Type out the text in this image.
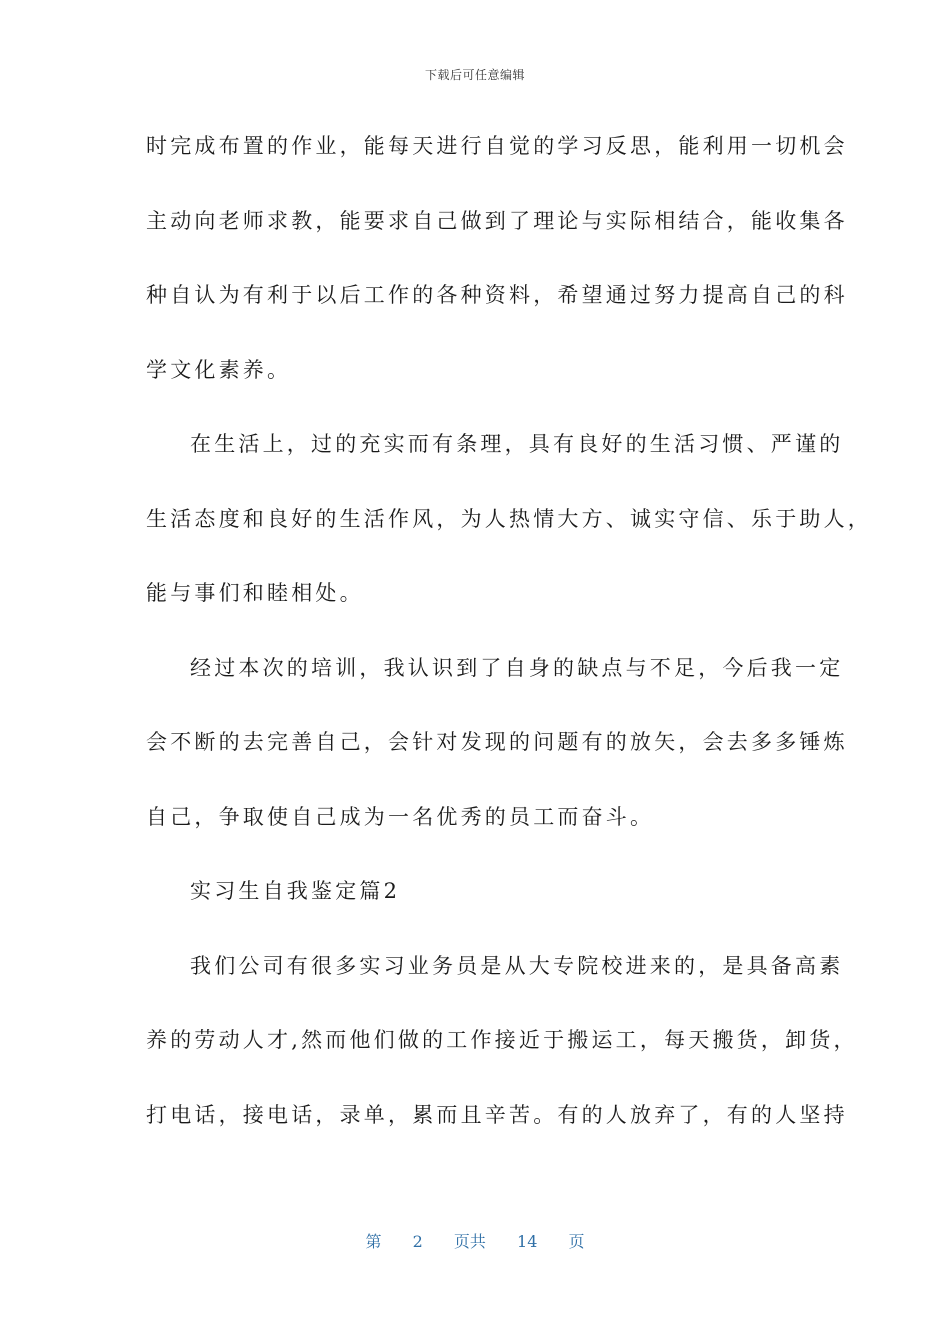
下载后可任意编辑
时完成布置的作业，能每天进行自觉的学习反思，能利用一切机会
主动向老师求教，能要求自己做到了理论与实际相结合，能收集各
种自认为有利于以后工作的各种资料，希望通过努力提高自己的科
学文化素养。
在生活上，过的充实而有条理，具有良好的生活习惯、严谨的
生活态度和良好的生活作风，为人热情大方、诚实守信、乐于助人，
能与事们和睦相处。
经过本次的培训，我认识到了自身的缺点与不足，今后我一定
会不断的去完善自己，会针对发现的问题有的放矢，会去多多锤炼
自己，争取使自己成为一名优秀的员工而奋斗。
实习生自我鉴定篇2
我们公司有很多实习业务员是从大专院校进来的，是具备高素
养的劳动人才,然而他们做的工作接近于搬运工，每天搬货，卸货，
打电话，接电话，录单，累而且辛苦。有的人放弃了，有的人坚持
第 2 页共 14 页
